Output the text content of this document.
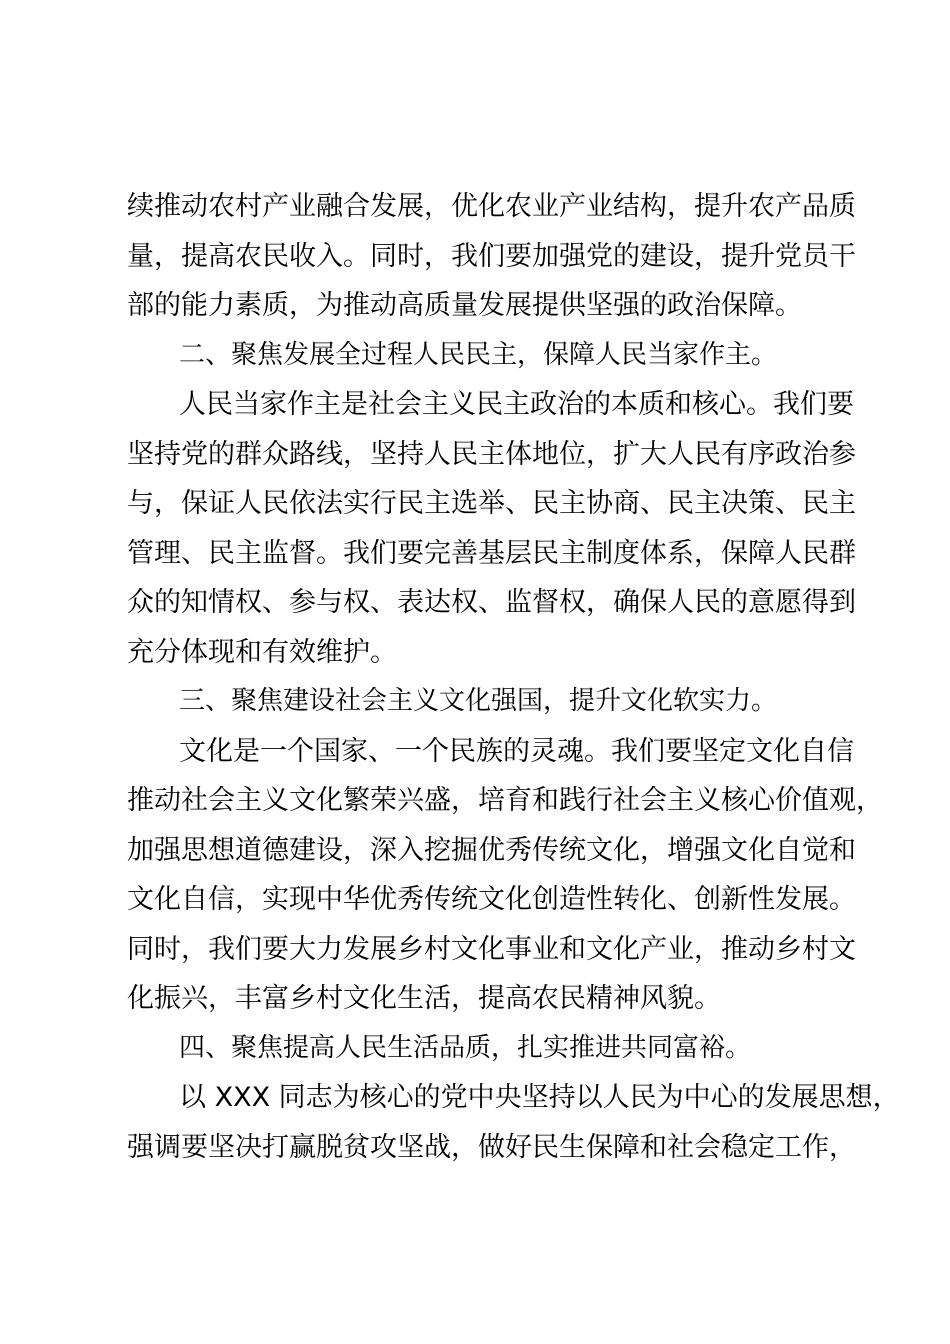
续推动农村产业融合发展，优化农业产业结构，提升农产品质
量，提高农民收入。同时，我们要加强党的建设，提升党员干
部的能力素质，为推动高质量发展提供坚强的政治保障。
二、聚焦发展全过程人民民主，保障人民当家作主。
人民当家作主是社会主义民主政治的本质和核心。我们要
坚持党的群众路线，坚持人民主体地位，扩大人民有序政治参
与，保证人民依法实行民主选举、民主协商、民主决策、民主
管理、民主监督。我们要完善基层民主制度体系，保障人民群
众的知情权、参与权、表达权、监督权，确保人民的意愿得到
充分体现和有效维护。
三、聚焦建设社会主义文化强国，提升文化软实力。
文化是一个国家、一个民族的灵魂。我们要坚定文化自信
推动社会主义文化繁荣兴盛，培育和践行社会主义核心价值观，
加强思想道德建设，深入挖掘优秀传统文化，增强文化自觉和
文化自信，实现中华优秀传统文化创造性转化、创新性发展。
同时，我们要大力发展乡村文化事业和文化产业，推动乡村文
化振兴，丰富乡村文化生活，提高农民精神风貌。
四、聚焦提高人民生活品质，扎实推进共同富裕。
以 XXX 同志为核心的党中央坚持以人民为中心的发展思想，
强调要坚决打赢脱贫攻坚战，做好民生保障和社会稳定工作，
